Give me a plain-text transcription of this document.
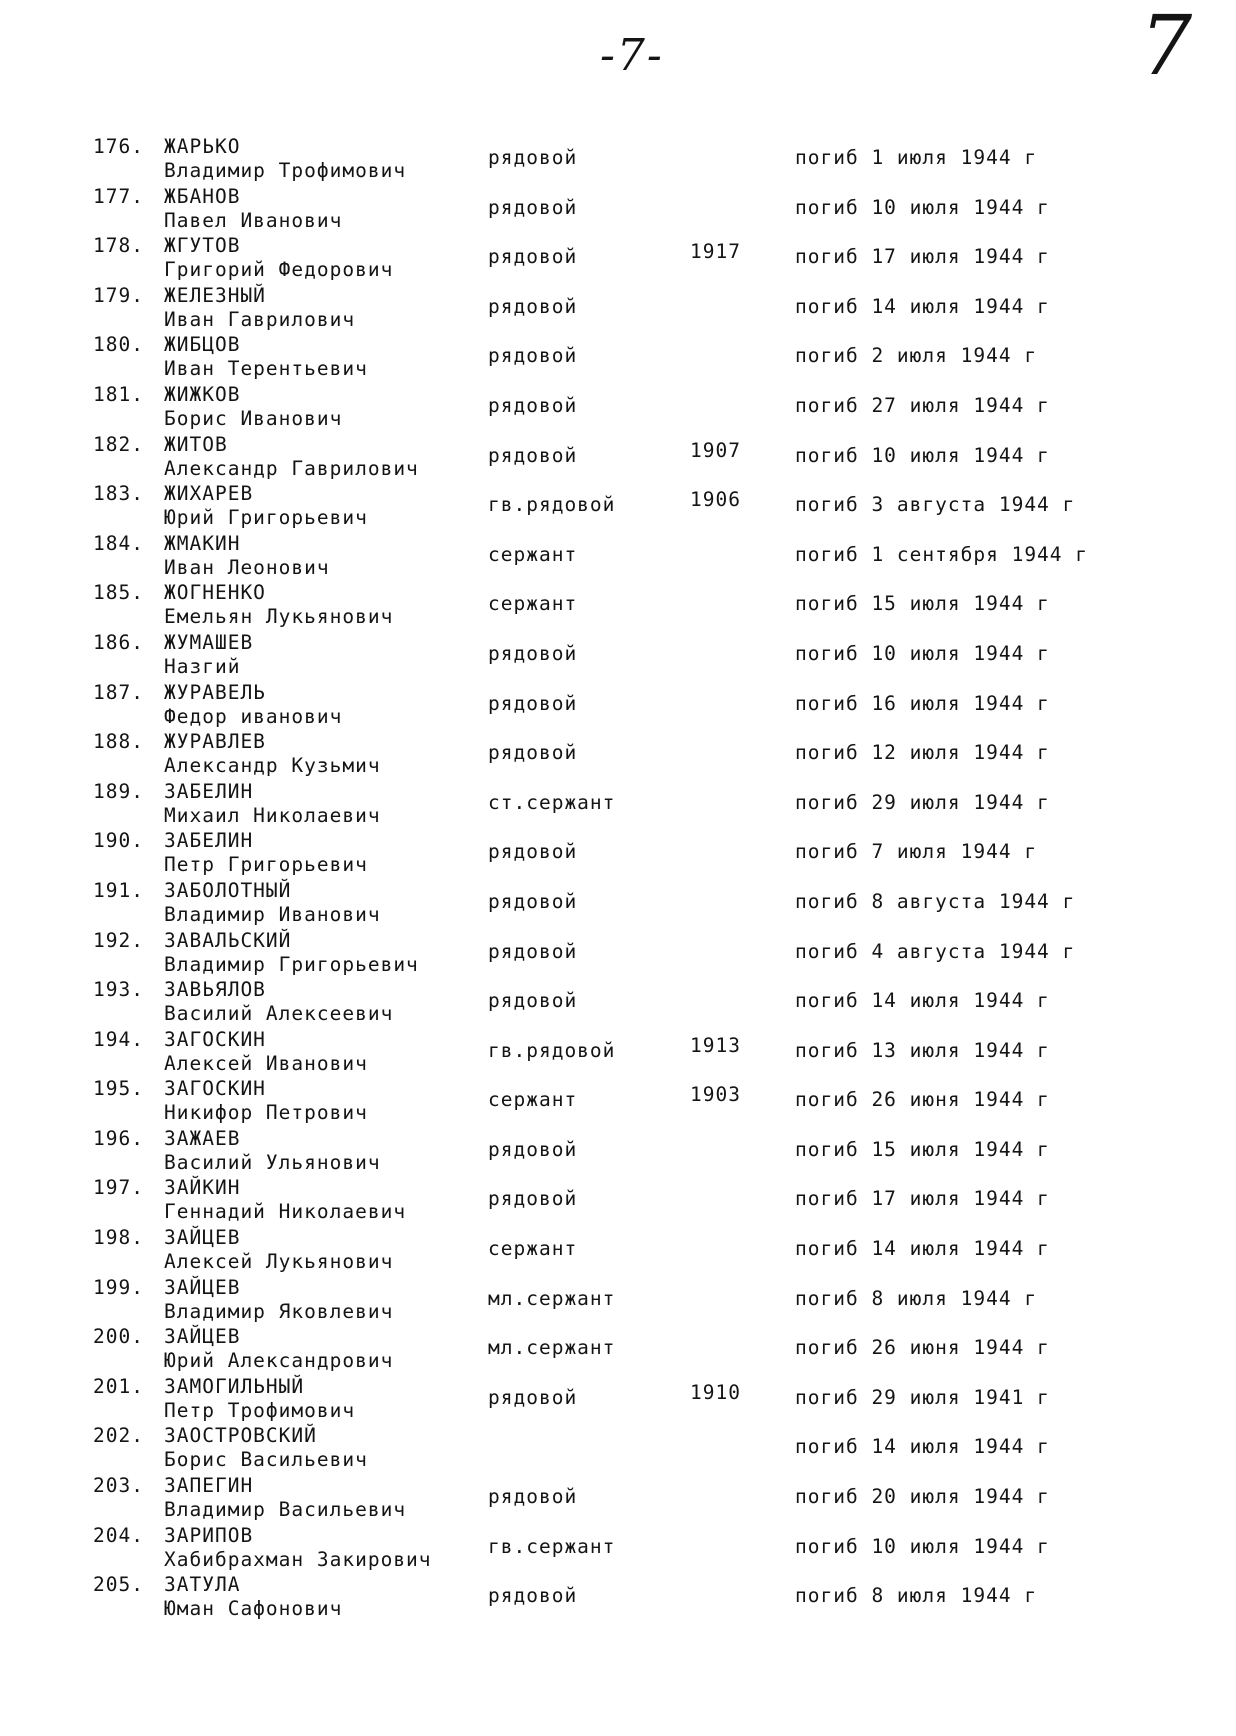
-7-	7
176. ЖАРЬКО
Владимир Трофимович
рядовой	погиб 1 июля 1944 г
177. ЖБАНОВ
Павел Иванович
рядовой	погиб 10 июля 1944 г
178. ЖГУТОВ
Григорий Федорович
рядовой	1917	погиб 17 июля 1944 г
179. ЖЕЛЕЗНЫЙ
Иван Гаврилович
рядовой	погиб 14 июля 1944 г
180. ЖИБЦОВ
Иван Терентьевич
рядовой	погиб 2 июля 1944 г
181. ЖИЖКОВ
Борис Иванович
рядовой	погиб 27 июля 1944 г
182. ЖИТОВ
Александр Гаврилович
рядовой	1907	погиб 10 июля 1944 г
183. ЖИХАРЕВ
Юрий Григорьевич
гв.рядовой	1906	погиб 3 августа 1944 г
184. ЖМАКИН
Иван Леонович
сержант	погиб 1 сентября 1944 г
185. ЖОГНЕНКО
Емельян Лукьянович
сержант	погиб 15 июля 1944 г
186. ЖУМАШЕВ
Назгий
рядовой	погиб 10 июля 1944 г
187. ЖУРАВЕЛЬ
Федор иванович
рядовой	погиб 16 июля 1944 г
188. ЖУРАВЛЕВ
Александр Кузьмич
рядовой	погиб 12 июля 1944 г
189. ЗАБЕЛИН
Михаил Николаевич
ст.сержант	погиб 29 июля 1944 г
190. ЗАБЕЛИН
Петр Григорьевич
рядовой	погиб 7 июля 1944 г
191. ЗАБОЛОТНЫЙ
Владимир Иванович
рядовой	погиб 8 августа 1944 г
192. ЗАВАЛЬСКИЙ
Владимир Григорьевич
рядовой	погиб 4 августа 1944 г
193. ЗАВЬЯЛОВ
Василий Алексеевич
рядовой	погиб 14 июля 1944 г
194. ЗАГОСКИН
Алексей Иванович
гв.рядовой	1913	погиб 13 июля 1944 г
195. ЗАГОСКИН
Никифор Петрович
сержант	1903	погиб 26 июня 1944 г
196. ЗАЖАЕВ
Василий Ульянович
рядовой	погиб 15 июля 1944 г
197. ЗАЙКИН
Геннадий Николаевич
рядовой	погиб 17 июля 1944 г
198. ЗАЙЦЕВ
Алексей Лукьянович
сержант	погиб 14 июля 1944 г
199. ЗАЙЦЕВ
Владимир Яковлевич
мл.сержант	погиб 8 июля 1944 г
200. ЗАЙЦЕВ
Юрий Александрович
мл.сержант	погиб 26 июня 1944 г
201. ЗАМОГИЛЬНЫЙ
Петр Трофимович
рядовой	1910	погиб 29 июля 1941 г
202. ЗАОСТРОВСКИЙ
Борис Васильевич
погиб 14 июля 1944 г
203. ЗАПЕГИН
Владимир Васильевич
рядовой	погиб 20 июля 1944 г
204. ЗАРИПОВ
Хабибрахман Закирович
гв.сержант	погиб 10 июля 1944 г
205. ЗАТУЛА
Юман Сафонович
рядовой	погиб 8 июля 1944 г
